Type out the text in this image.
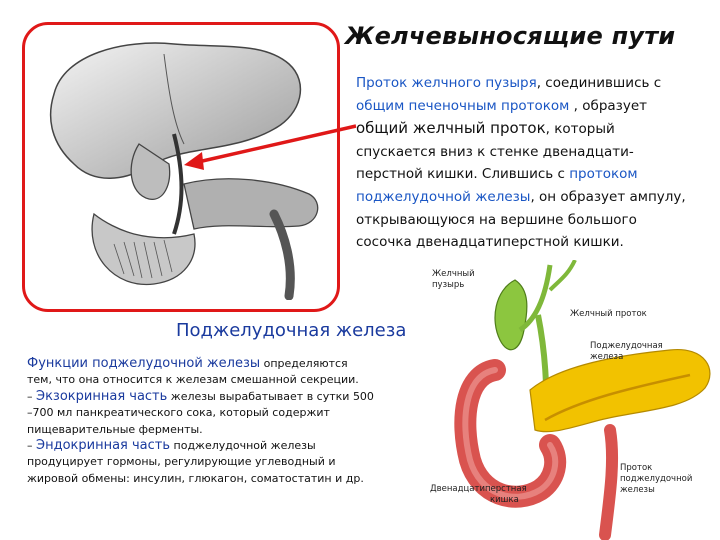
Желчевыносящие пути
Проток желчного пузыря, соединившись с общим печеночным протоком , образует общий желчный проток, который спускается вниз к стенке двенадцати-перстной кишки. Слившись с протоком поджелудочной железы, он образует ампулу, открывающуюся на вершине большого сосочка двенадцатиперстной кишки.
Поджелудочная железа

Функции поджелудочной железы определяются

тем, что она относится к железам смешанной секреции.

– Экзокринная часть железы вырабатывает в сутки 500

–700 мл панкреатического сока, который содержит

пищеварительные ферменты.

– Эндокринная часть поджелудочной железы

продуцирует гормоны, регулирующие углеводный и

жировой обмены: инсулин, глюкагон, соматостатин и др.

Желчный
пузырь
Желчный проток
Поджелудочная
железа
Проток
поджелудочной
железы
Двенадцатиперстная
кишка
